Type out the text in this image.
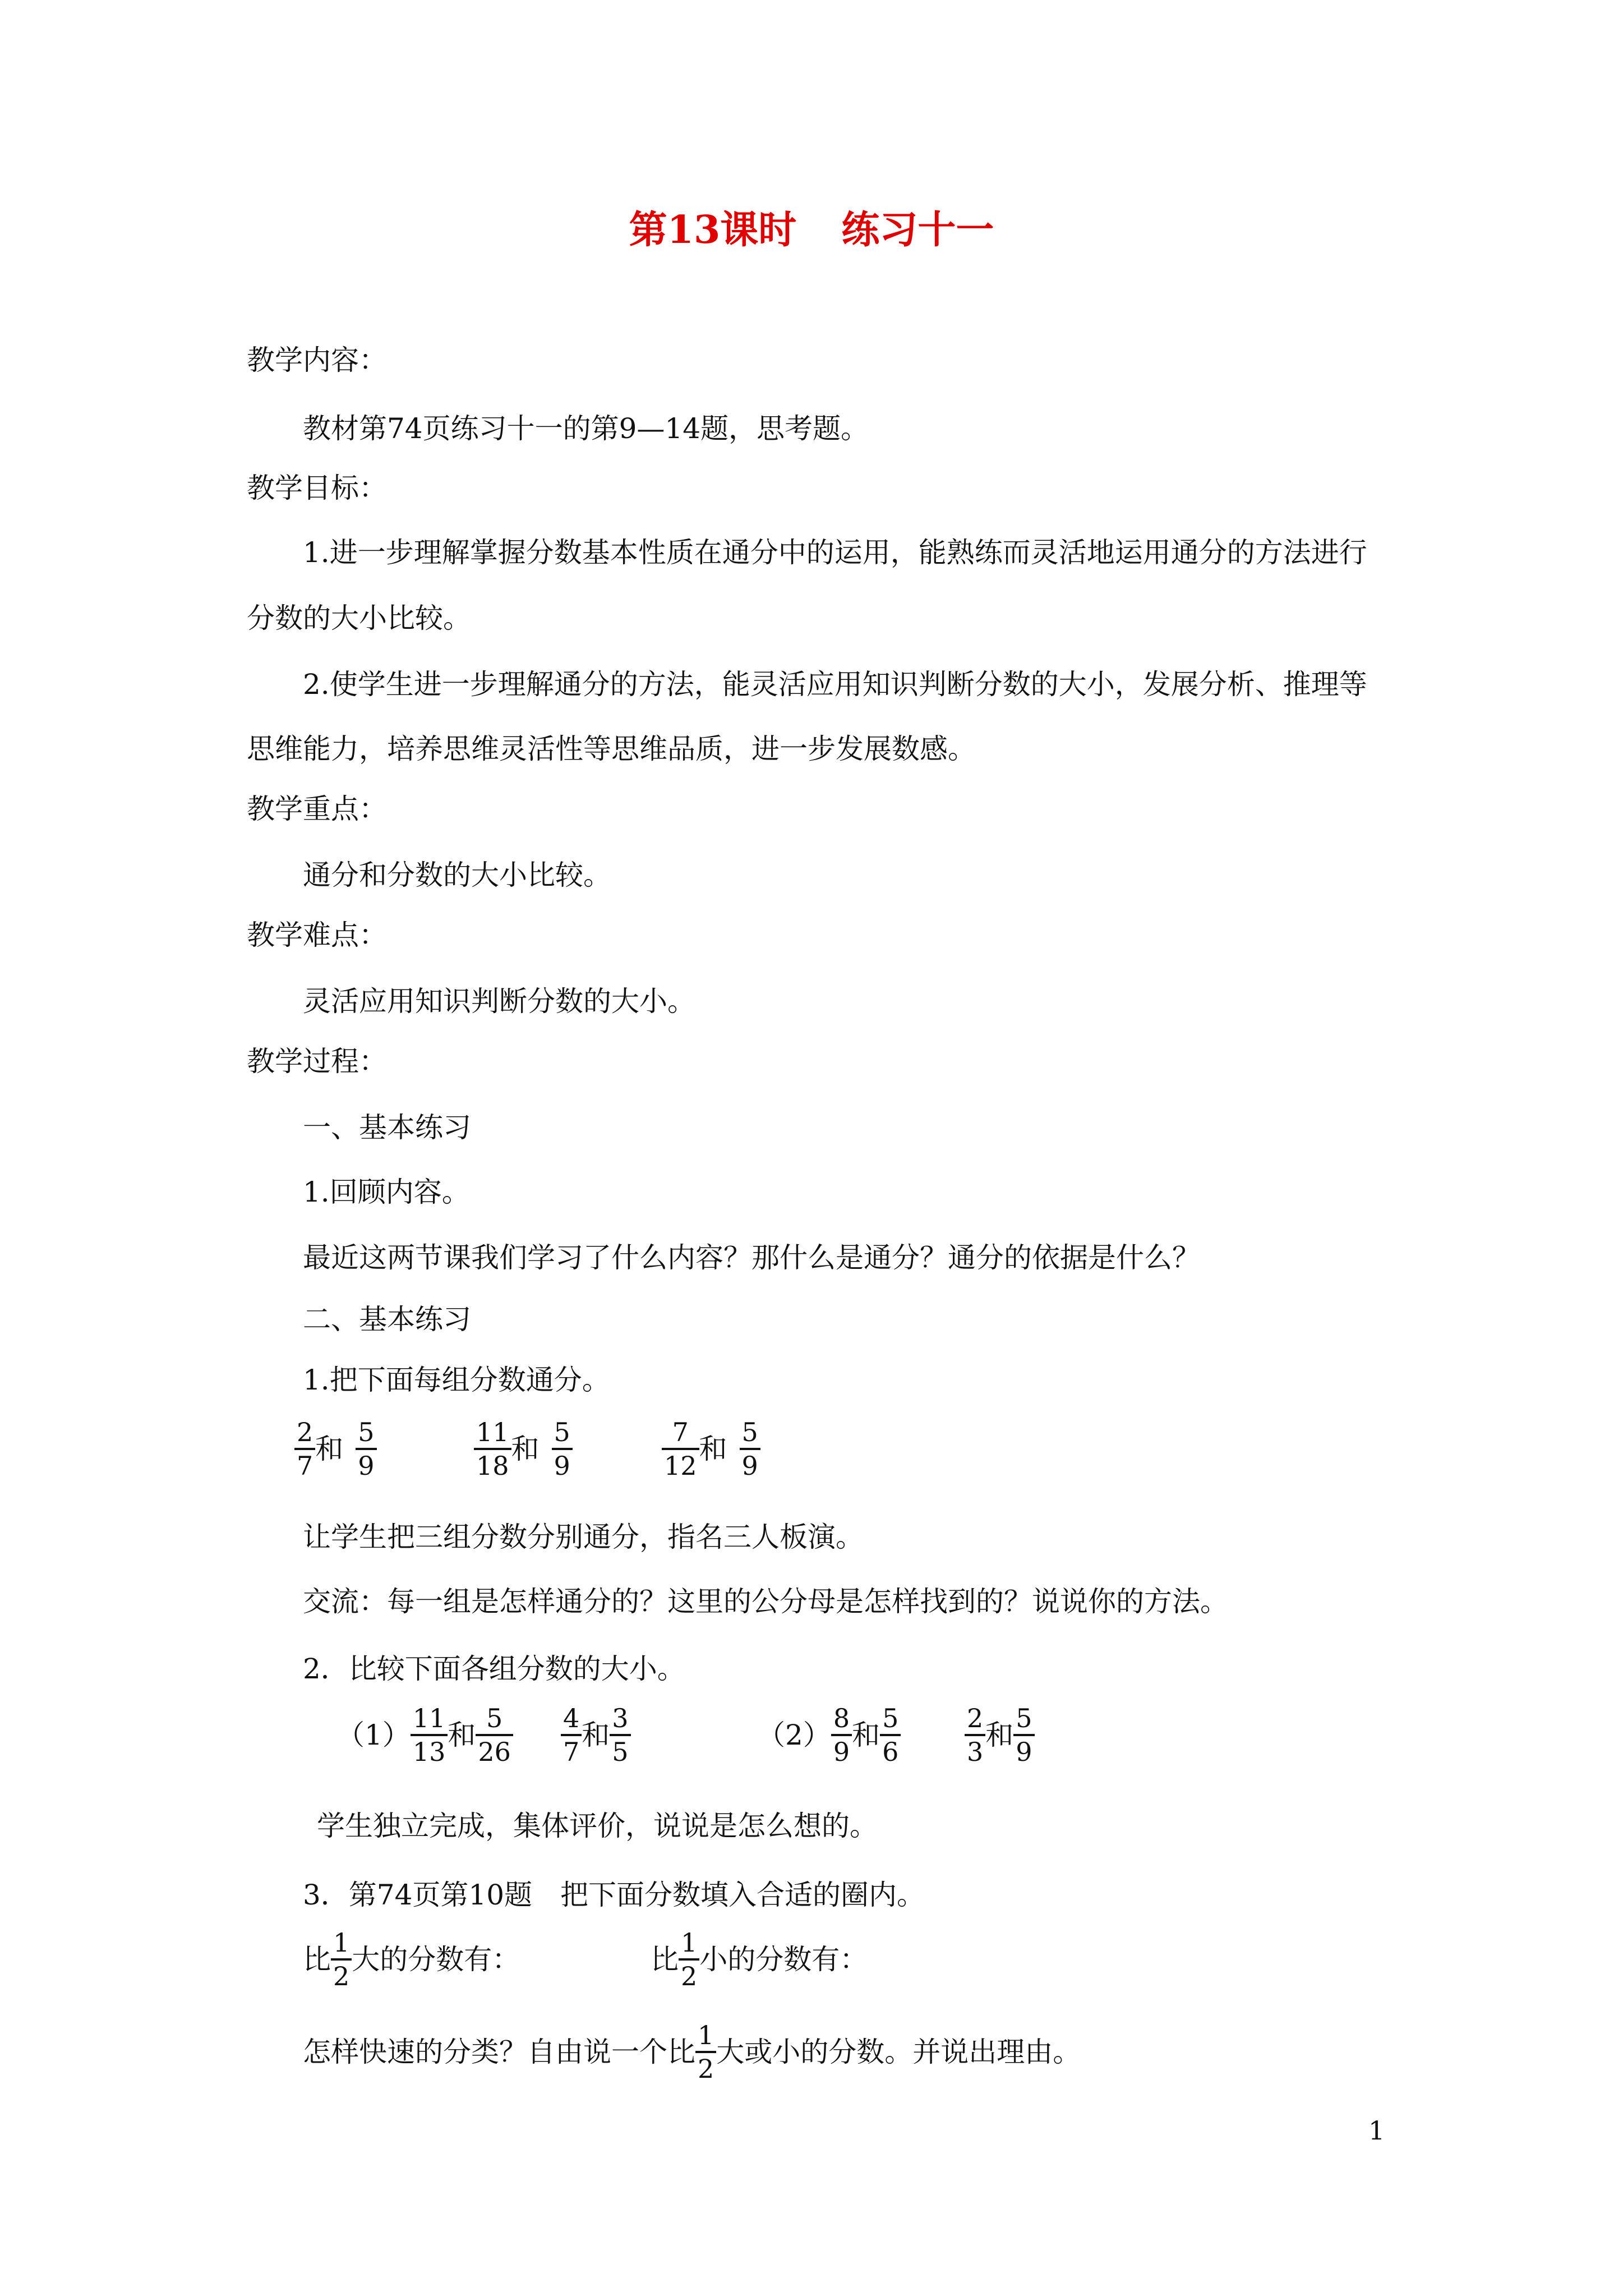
第13课时 练习十一
教学内容：
教材第74页练习十一的第9—14题，思考题。
教学目标：
1.进一步理解掌握分数基本性质在通分中的运用，能熟练而灵活地运用通分的方法进行
分数的大小比较。
2.使学生进一步理解通分的方法，能灵活应用知识判断分数的大小，发展分析、推理等
思维能力，培养思维灵活性等思维品质，进一步发展数感。
教学重点：
通分和分数的大小比较。
教学难点：
灵活应用知识判断分数的大小。
教学过程：
一、基本练习
1.回顾内容。
最近这两节课我们学习了什么内容？那什么是通分？通分的依据是什么？
二、基本练习
1.把下面每组分数通分。
$\frac{2}{7}$ 和 $\frac{5}{9}$	$\frac{11}{18}$ 和 $\frac{5}{9}$	$\frac{7}{12}$ 和 $\frac{5}{9}$
让学生把三组分数分别通分，指名三人板演。
交流：每一组是怎样通分的？这里的公分母是怎样找到的？说说你的方法。
2．比较下面各组分数的大小。
$(1) \frac{11}{13}$ 和 $\frac{5}{26} \frac{4}{7}$ 和 $\frac{3}{5}$	$(2) \frac{8}{9}$ 和 $\frac{5}{6} \frac{2}{3}$ 和 $\frac{5}{9}$
学生独立完成，集体评价，说说是怎么想的。
3．第74页第10题　把下面分数填入合适的圈内。
比 $\frac{1}{2}$ 大的分数有：	比 $\frac{1}{2}$ 小的分数有：
怎样快速的分类？自由说一个比 $\frac{1}{2}$ 大或小的分数。并说出理由。
1
